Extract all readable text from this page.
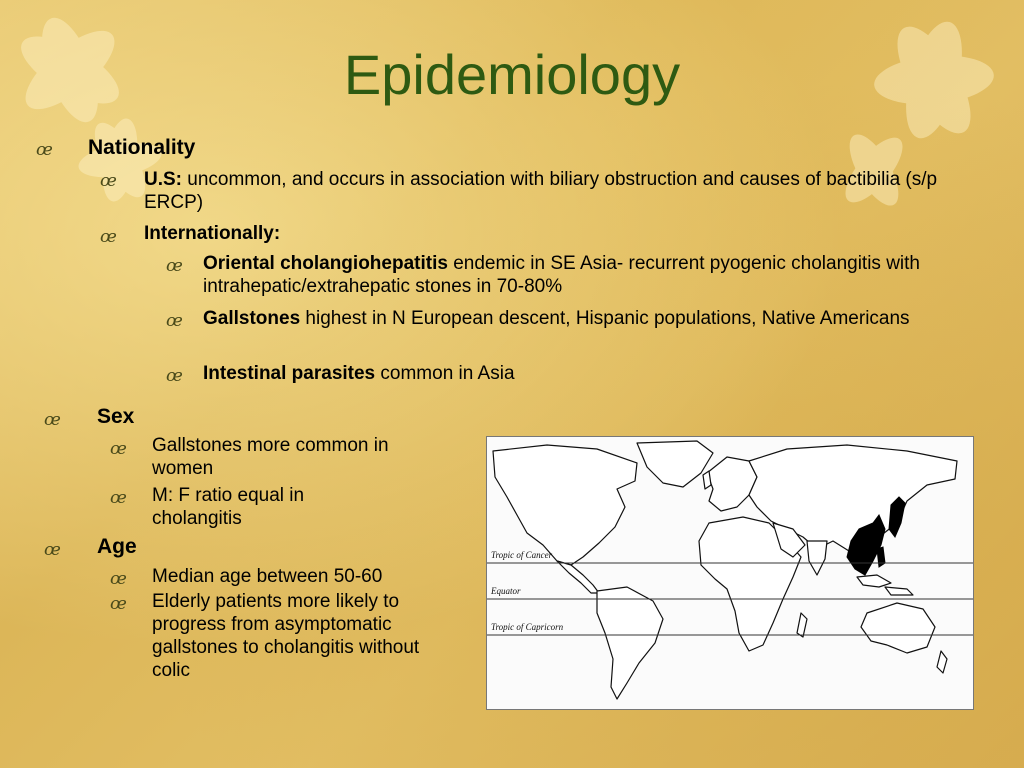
Epidemiology
œ Nationality
œ U.S: uncommon, and occurs in association with biliary obstruction and causes of bactibilia (s/p ERCP)
œ Internationally:
œ Oriental cholangiohepatitis endemic in SE Asia- recurrent pyogenic cholangitis with intrahepatic/extrahepatic stones in 70-80%
œ Gallstones highest in N European descent, Hispanic populations, Native Americans
œ Intestinal parasites common in Asia
œ Sex
œ Gallstones more common in women
œ M: F ratio equal in cholangitis
œ Age
œ Median age between 50-60
œ Elderly patients more likely to progress from asymptomatic gallstones to cholangitis without colic
Tropic of Cancer
Equator
Tropic of Capricorn
